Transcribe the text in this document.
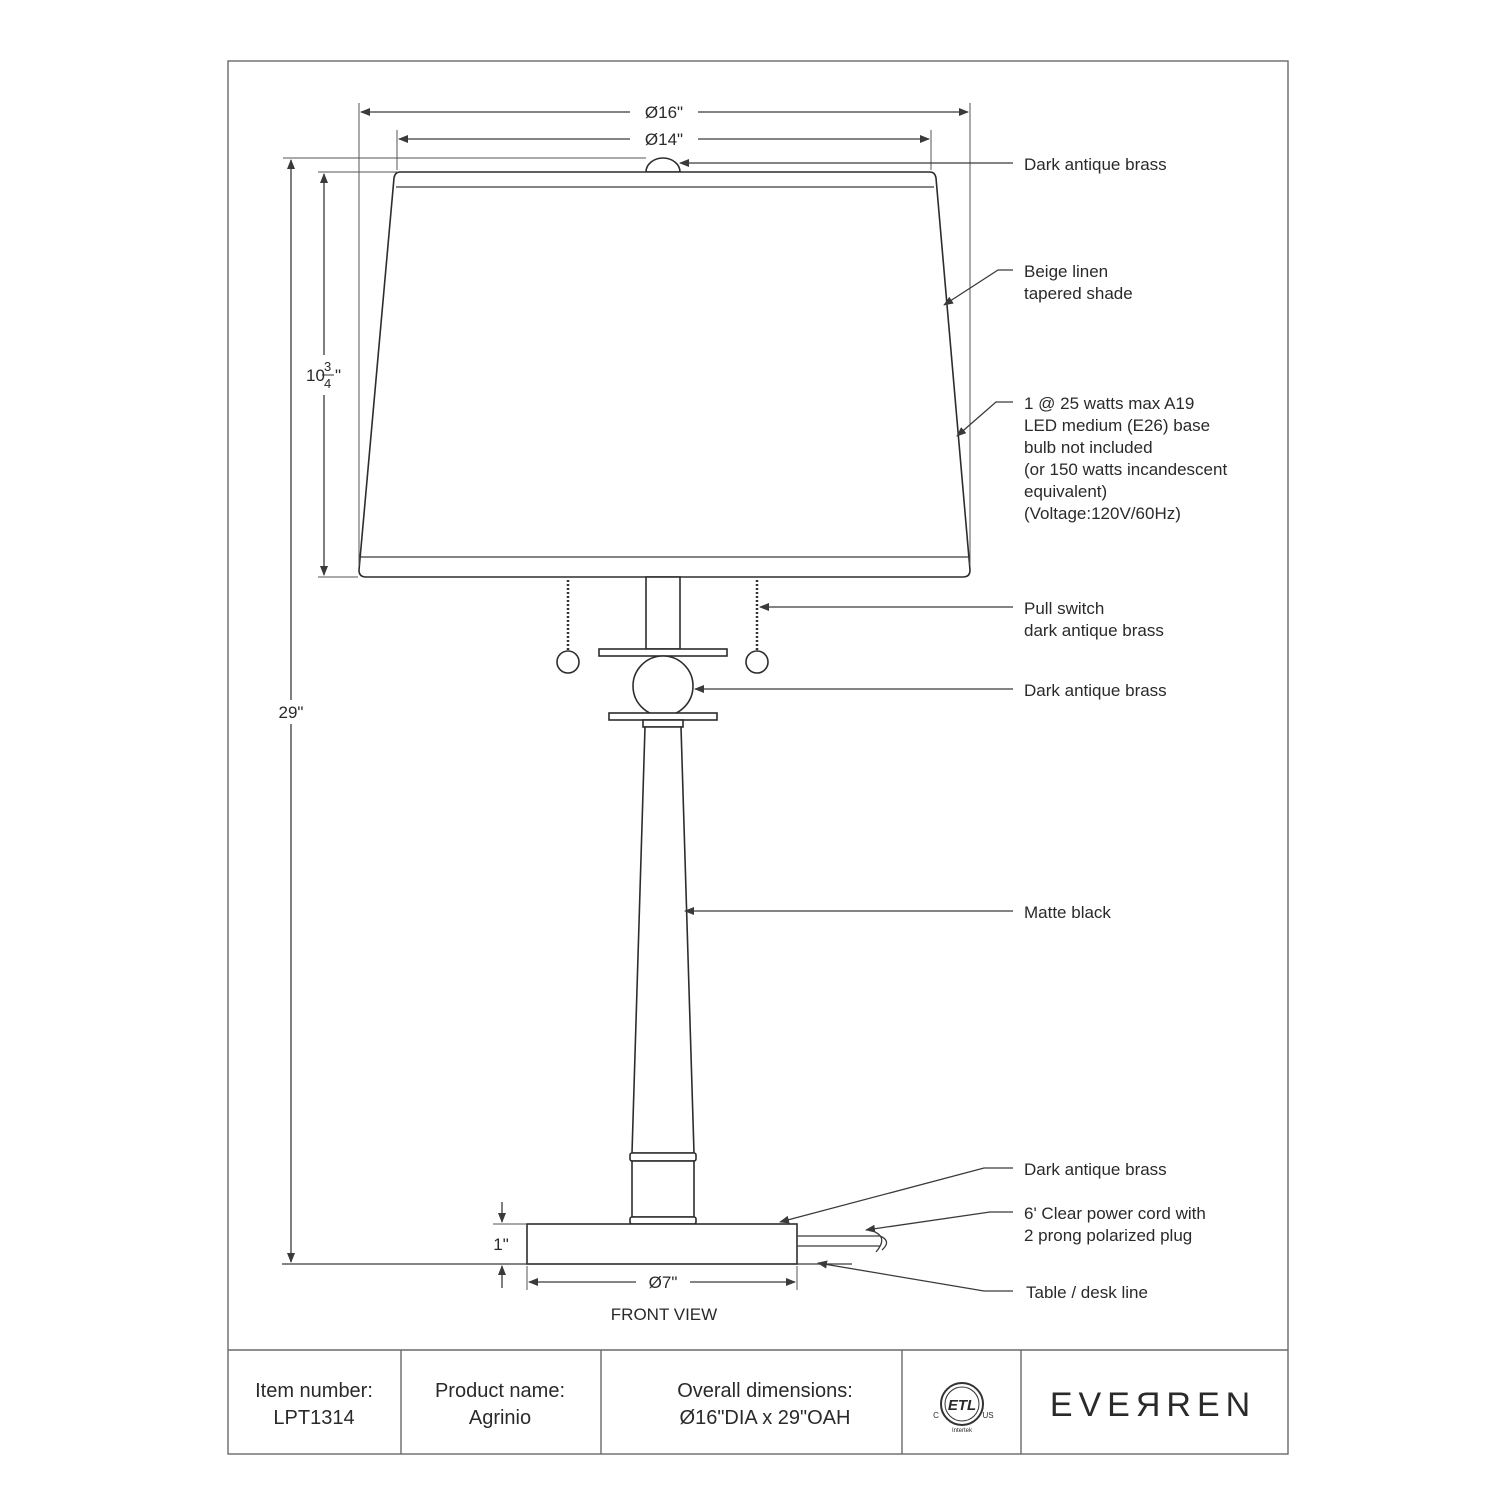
Ø16"
Ø14"
10 3
4 "
29"
1"
Ø7"
FRONT VIEW
Dark antique brass
Beige linen
tapered shade
1 @ 25 watts max A19
LED medium (E26) base
bulb not included
(or 150 watts incandescent
equivalent)
(Voltage:120V/60Hz)
Pull switch
dark antique brass
Dark antique brass
Matte black
Dark antique brass
6' Clear power cord with
2 prong polarized plug
Table / desk line
Item number:
LPT1314
Product name:
Agrinio
Overall dimensions:
Ø16"DIA x 29"OAH
ETL
C	US
Intertek
EVEЯREN
